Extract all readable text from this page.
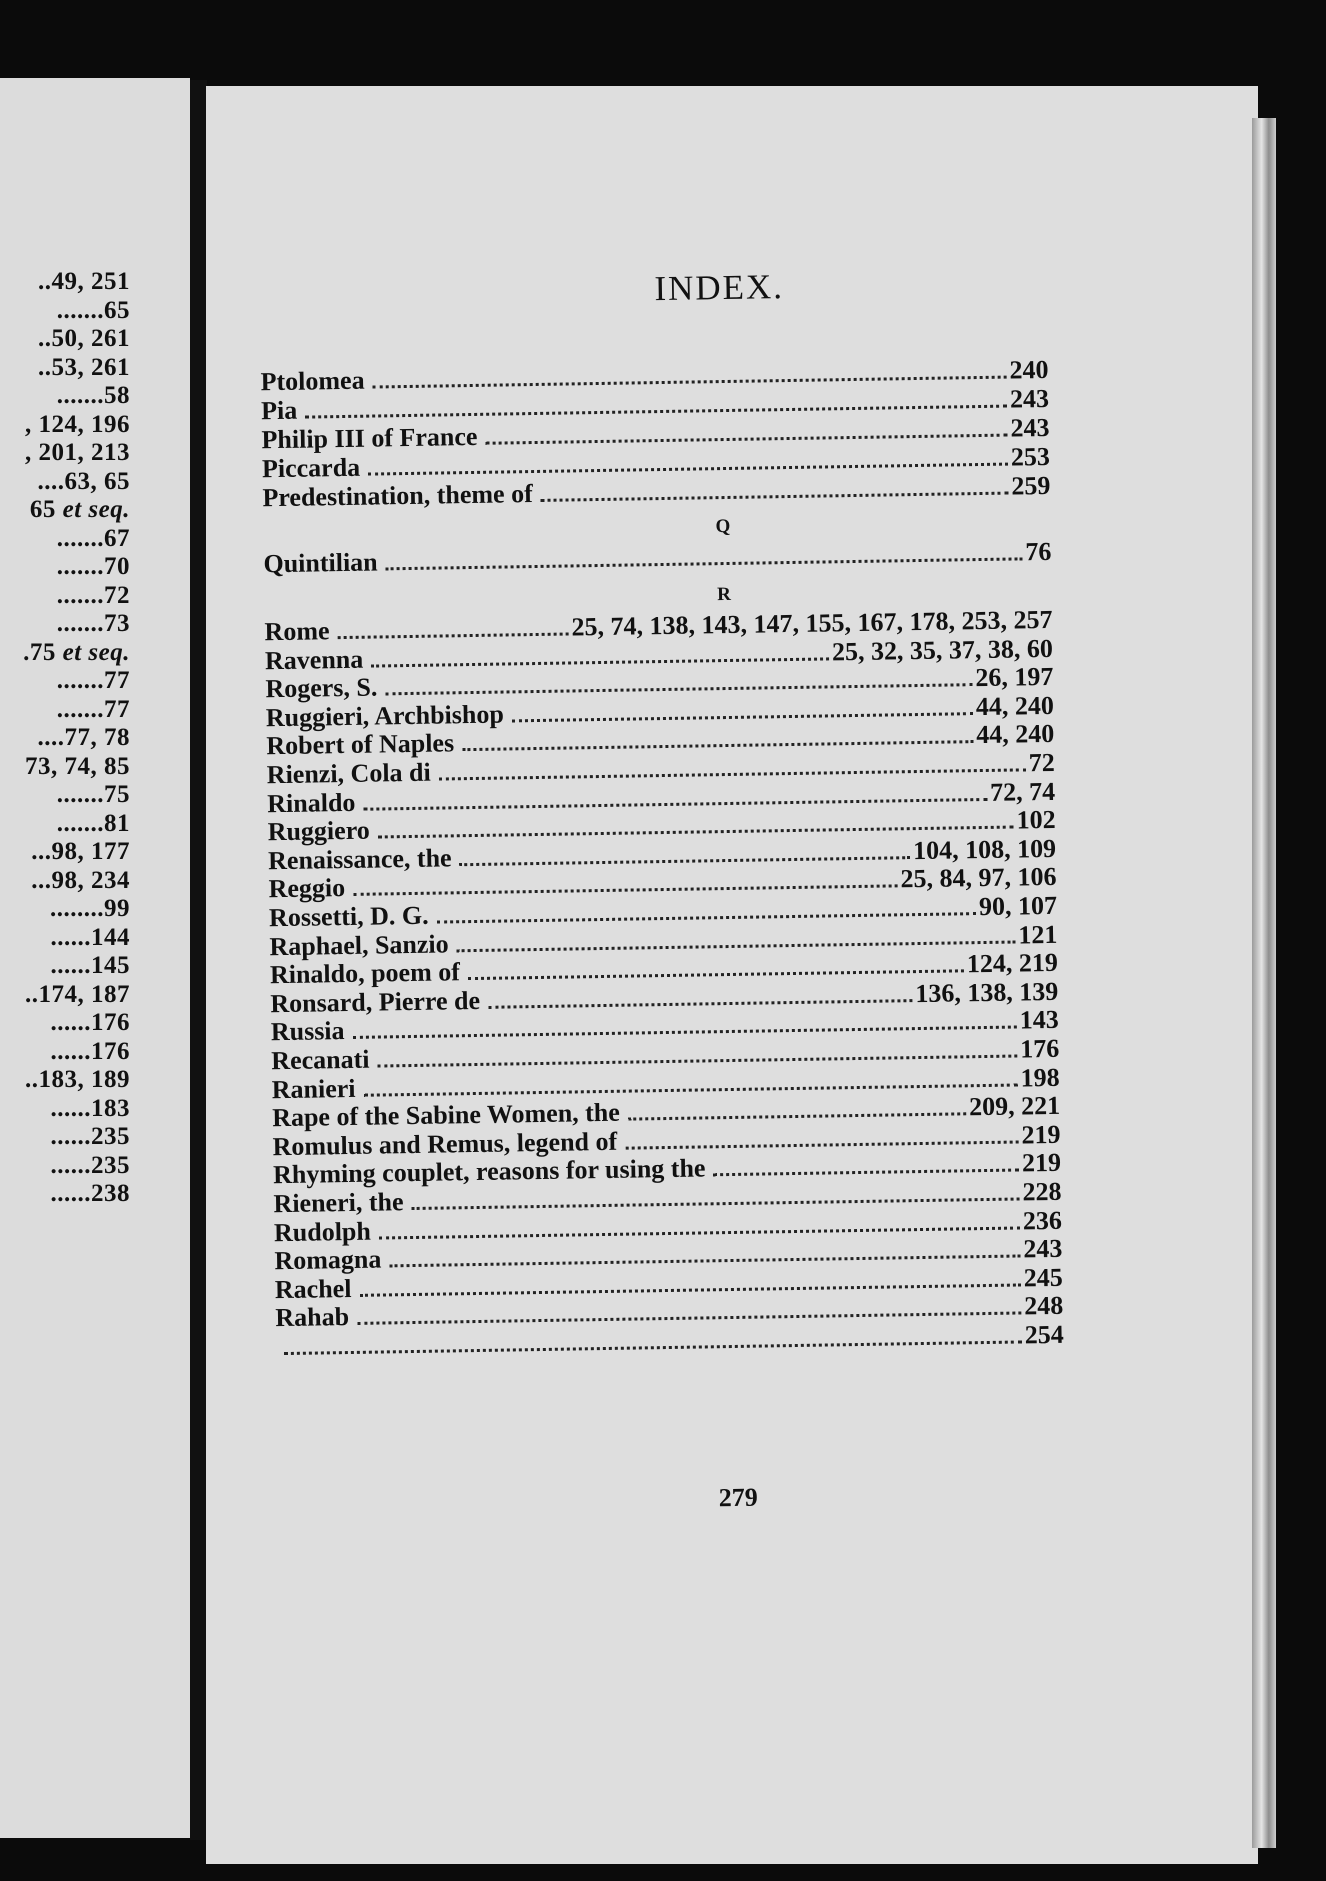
..49, 251
.......65
..50, 261
..53, 261
.......58
, 124, 196
, 201, 213
....63, 65
65 et seq.
.......67
.......70
.......72
.......73
.75 et seq.
.......77
.......77
....77, 78
73, 74, 85
.......75
.......81
...98, 177
...98, 234
........99
......144
......145
..174, 187
......176
......176
..183, 189
......183
......235
......235
......238
INDEX.
Ptolomea	240
Pia	243
Philip III of France	243
Piccarda	253
Predestination, theme of	259
Q
Quintilian	76
R
Rome	25, 74, 138, 143, 147, 155, 167, 178, 253, 257
Ravenna	25, 32, 35, 37, 38, 60
Rogers, S.	26, 197
Ruggieri, Archbishop	44, 240
Robert of Naples	44, 240
Rienzi, Cola di	72
Rinaldo	72, 74
Ruggiero	102
Renaissance, the	104, 108, 109
Reggio	25, 84, 97, 106
Rossetti, D. G.	90, 107
Raphael, Sanzio	121
Rinaldo, poem of	124, 219
Ronsard, Pierre de	136, 138, 139
Russia	143
Recanati	176
Ranieri	198
Rape of the Sabine Women, the	209, 221
Romulus and Remus, legend of	219
Rhyming couplet, reasons for using the	219
Rieneri, the	228
Rudolph	236
Romagna	243
Rachel	245
Rahab	248
254
279
